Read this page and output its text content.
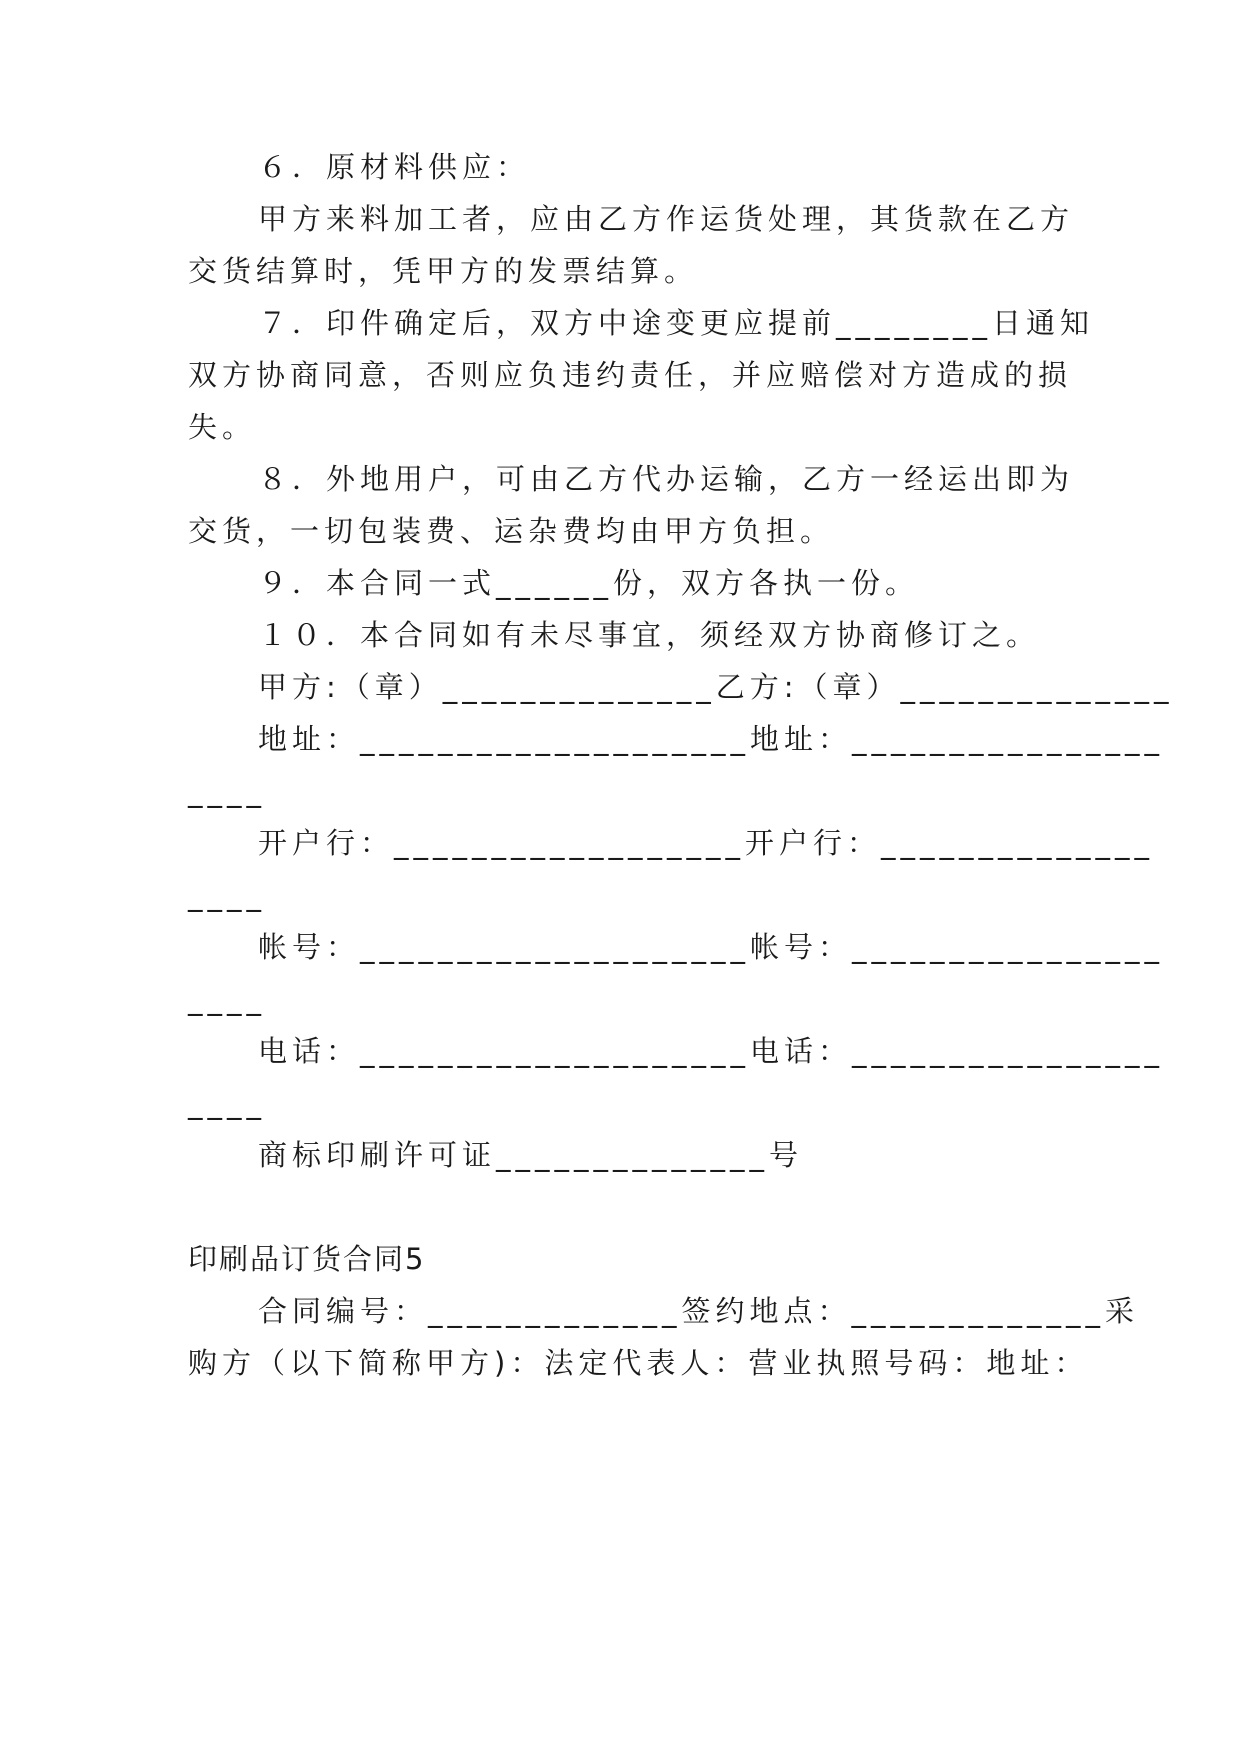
６．原材料供应：
甲方来料加工者，应由乙方作运货处理，其货款在乙方
交货结算时，凭甲方的发票结算。
７．印件确定后，双方中途变更应提前________日通知
双方协商同意，否则应负违约责任，并应赔偿对方造成的损
失。
８．外地用户，可由乙方代办运输，乙方一经运出即为
交货，一切包装费、运杂费均由甲方负担。
９．本合同一式______份，双方各执一份。
１０．本合同如有未尽事宜，须经双方协商修订之。
甲方:（章）______________乙方:（章）______________
地址：____________________地址：________________
____
开户行：__________________开户行：______________
____
帐号：____________________帐号：________________
____
电话：____________________电话：________________
____
商标印刷许可证______________号
印刷品订货合同5
合同编号：_____________签约地点：_____________采
购方（以下简称甲方)：法定代表人：营业执照号码：地址：
